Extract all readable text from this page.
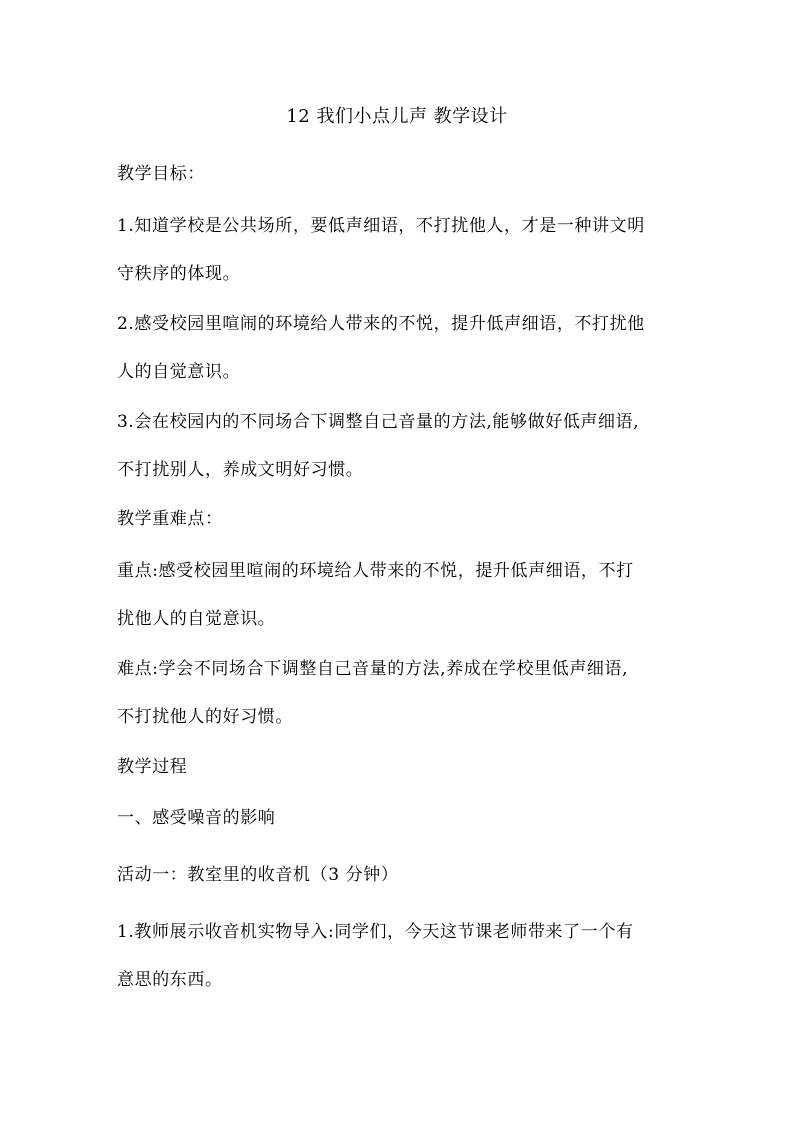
12 我们小点儿声 教学设计
教学目标：
1.知道学校是公共场所，要低声细语，不打扰他人，才是一种讲文明
守秩序的体现。
2.感受校园里喧闹的环境给人带来的不悦，提升低声细语，不打扰他
人的自觉意识。
3.会在校园内的不同场合下调整自己音量的方法,能够做好低声细语,
不打扰别人，养成文明好习惯。
教学重难点：
重点:感受校园里喧闹的环境给人带来的不悦，提升低声细语，不打
扰他人的自觉意识。
难点:学会不同场合下调整自己音量的方法,养成在学校里低声细语,
不打扰他人的好习惯。
教学过程
一、感受噪音的影响
活动一：教室里的收音机（3 分钟）
1.教师展示收音机实物导入:同学们，今天这节课老师带来了一个有
意思的东西。
